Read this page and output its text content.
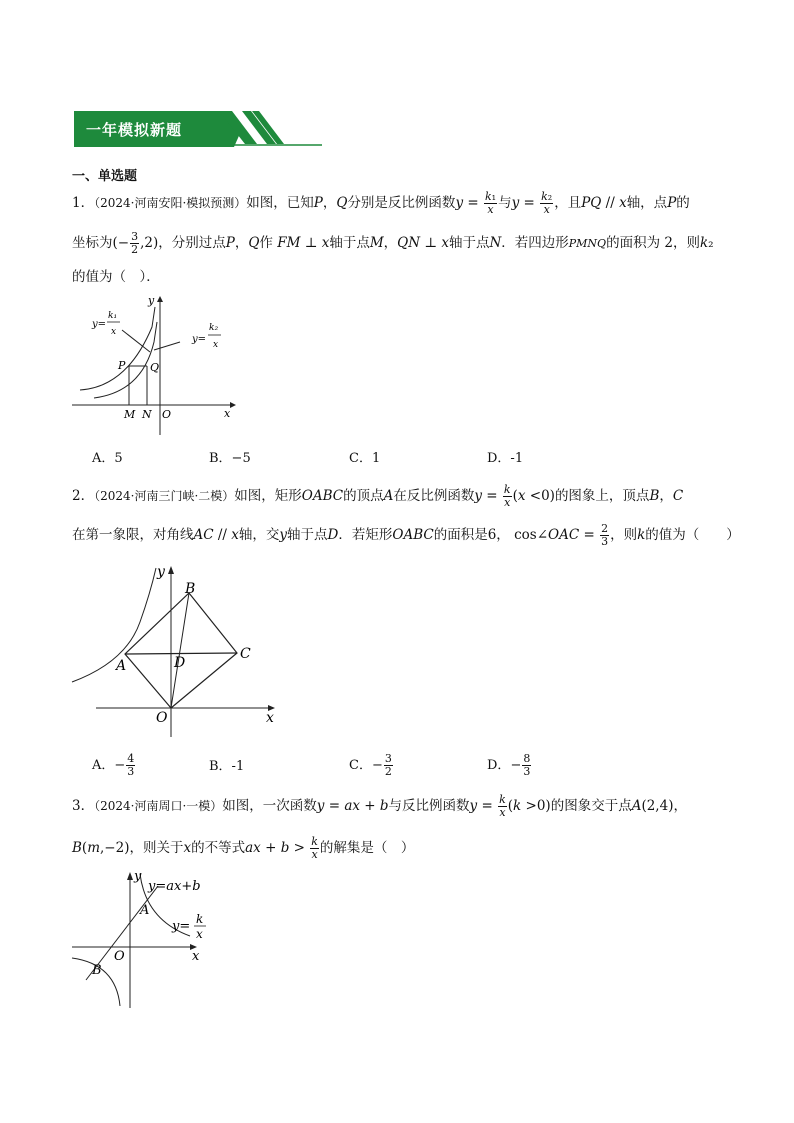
一年模拟新题
一、单选题
1．（2024·河南安阳·模拟预测）如图，已知P，Q分别是反比例函数$y = \frac{\text{k₁}}{x}$ 与$y = \frac{\text{k₂}}{x}$ ，且PQ // x轴，点P的
坐标为(− $\frac{3}{2} ,2$)，分别过点P，Q作 FM ⊥ x轴于点M，QN ⊥ x轴于点N．若四边形PMNQ的面积为 2，则k₂
的值为（　）．
y=
k₁
x
y=
k₂
x
P Q
M N O	x
y
A．5	B．−5	C．1	D．-1
2．（2024·河南三门峡·二模）如图，矩形OABC的顶点A在反比例函数$y = \frac{k}{x} (x <0)$的图象上，顶点B，C
在第一象限，对角线AC // x轴，交y轴于点D．若矩形OABC的面积是6， cos∠OAC = $\frac{2}{3}$ ，则k的值为（　　）
A
B
C
D
O	x
y
A．− $\frac{4}{3}$	B．-1	C．− $\frac{3}{2}$	D．− $\frac{8}{3}$
3．（2024·河南周口·一模）如图，一次函数y = ax + b与反比例函数$y = \frac{k}{x} (k >0)$的图象交于点A(2,4)，
B(m,−2)，则关于x的不等式ax + $b > \frac{k}{x}$ 的解集是（　）
y=ax+b
y= k
x
A
B
O	x
y
